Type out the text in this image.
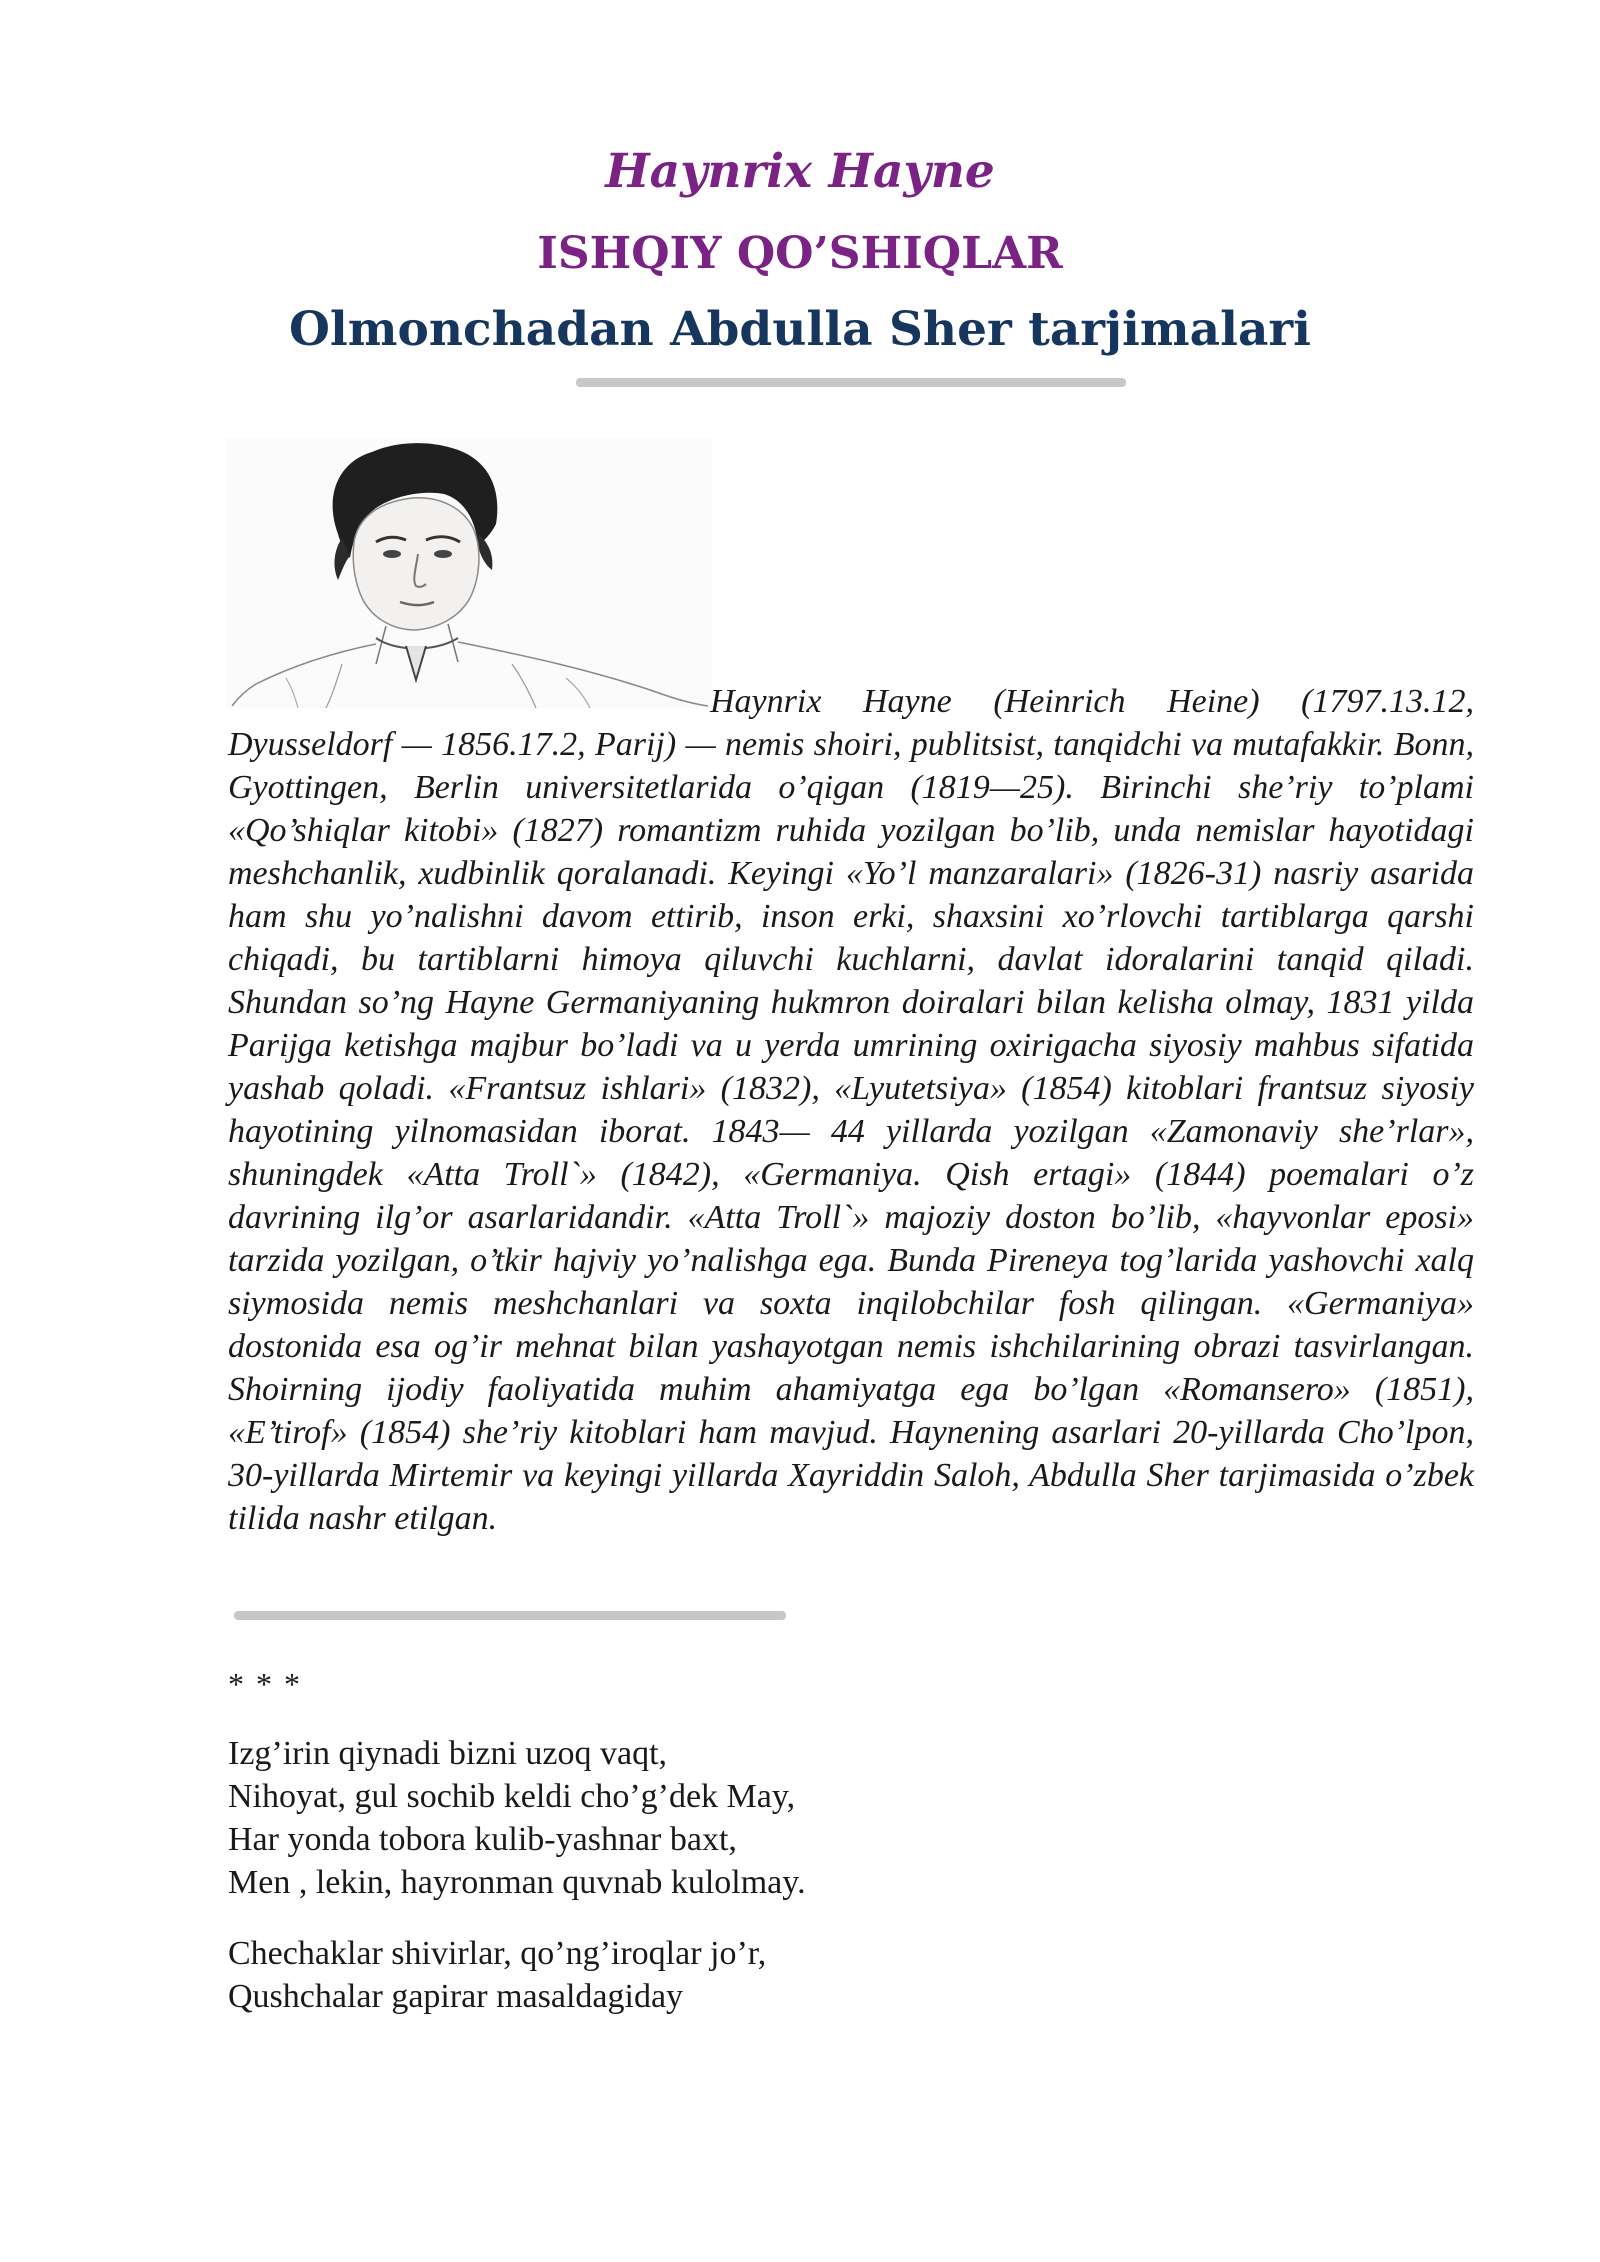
Haynrix Hayne
ISHQIY QO’SHIQLAR
Olmonchadan Abdulla Sher tarjimalari

Haynrix Hayne (Heinrich Heine) (1797.13.12, Dyusseldorf — 1856.17.2, Parij) — nemis shoiri, publitsist, tanqidchi va mutafakkir. Bonn, Gyottingen, Berlin universitetlarida o’qigan (1819—25). Birinchi she’riy to’plami «Qo’shiqlar kitobi» (1827) romantizm ruhida yozilgan bo’lib, unda nemislar hayotidagi meshchanlik, xudbinlik qoralanadi. Keyingi «Yo’l manzaralari» (1826-31) nasriy asarida ham shu yo’nalishni davom ettirib, inson erki, shaxsini xo’rlovchi tartiblarga qarshi chiqadi, bu tartiblarni himoya qiluvchi kuchlarni, davlat idoralarini tanqid qiladi. Shundan so’ng Hayne Germaniyaning hukmron doiralari bilan kelisha olmay, 1831 yilda Parijga ketishga majbur bo’ladi va u yerda umrining oxirigacha siyosiy mahbus sifatida yashab qoladi. «Frantsuz ishlari» (1832), «Lyutetsiya» (1854) kitoblari frantsuz siyosiy hayotining yilnomasidan iborat. 1843— 44 yillarda yozilgan «Zamonaviy she’rlar», shuningdek «Atta Troll`» (1842), «Germaniya. Qish ertagi» (1844) poemalari o’z davrining ilg’or asarlaridandir. «Atta Troll`» majoziy doston bo’lib, «hayvonlar eposi» tarzida yozilgan, o’tkir hajviy yo’nalishga ega. Bunda Pireneya tog’larida yashovchi xalq siymosida nemis meshchanlari va soxta inqilobchilar fosh qilingan. «Germaniya» dostonida esa og’ir mehnat bilan yashayotgan nemis ishchilarining obrazi tasvirlangan. Shoirning ijodiy faoliyatida muhim ahamiyatga ega bo’lgan «Romansero» (1851), «E’tirof» (1854) she’riy kitoblari ham mavjud. Haynening asarlari 20-yillarda Cho’lpon, 30-yillarda Mirtemir va keyingi yillarda Xayriddin Saloh, Abdulla Sher tarjimasida o’zbek tilida nashr etilgan.

* * *
Izg’irin qiynadi bizni uzoq vaqt,
Nihoyat, gul sochib keldi cho’g’dek May,
Har yonda tobora kulib-yashnar baxt,
Men , lekin, hayronman quvnab kulolmay.
Chechaklar shivirlar, qo’ng’iroqlar jo’r,
Qushchalar gapirar masaldagiday
